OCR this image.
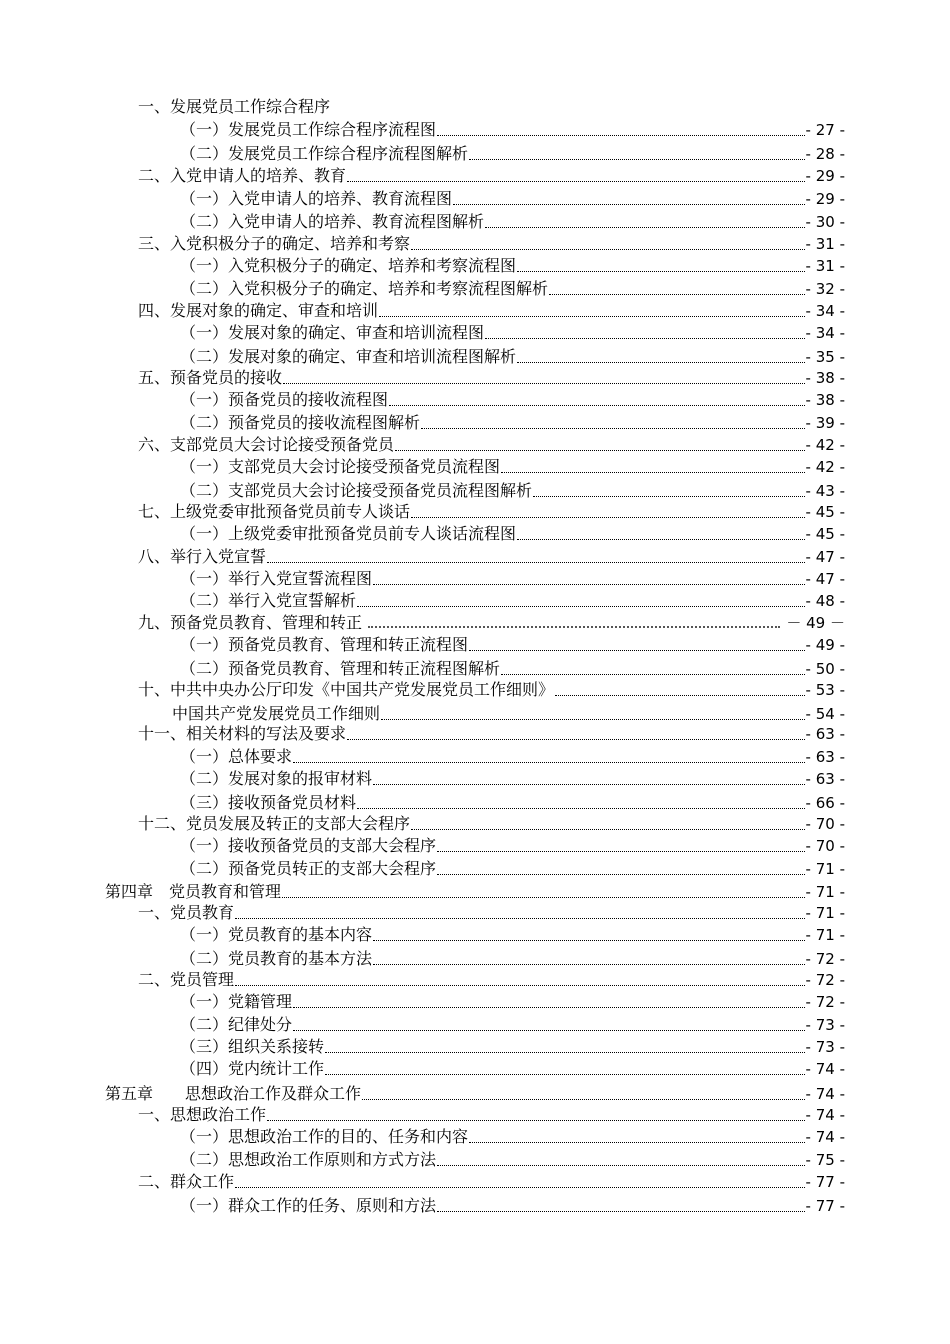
一、发展党员工作综合程序
（一）发展党员工作综合程序流程图	- 27 -
（二）发展党员工作综合程序流程图解析	- 28 -
二、入党申请人的培养、教育	- 29 -
（一）入党申请人的培养、教育流程图	- 29 -
（二）入党申请人的培养、教育流程图解析	- 30 -
三、入党积极分子的确定、培养和考察	- 31 -
（一）入党积极分子的确定、培养和考察流程图	- 31 -
（二）入党积极分子的确定、培养和考察流程图解析	- 32 -
四、发展对象的确定、审查和培训	- 34 -
（一）发展对象的确定、审查和培训流程图	- 34 -
（二）发展对象的确定、审查和培训流程图解析	- 35 -
五、预备党员的接收	- 38 -
（一）预备党员的接收流程图	- 38 -
（二）预备党员的接收流程图解析	- 39 -
六、支部党员大会讨论接受预备党员	- 42 -
（一）支部党员大会讨论接受预备党员流程图	- 42 -
（二）支部党员大会讨论接受预备党员流程图解析	- 43 -
七、上级党委审批预备党员前专人谈话	- 45 -
（一）上级党委审批预备党员前专人谈话流程图	- 45 -
八、举行入党宣誓	- 47 -
（一）举行入党宣誓流程图	- 47 -
（二）举行入党宣誓解析	- 48 -
九、预备党员教育、管理和转正	－ 49 －
（一）预备党员教育、管理和转正流程图	- 49 -
（二）预备党员教育、管理和转正流程图解析	- 50 -
十、中共中央办公厅印发《中国共产党发展党员工作细则》	- 53 -
中国共产党发展党员工作细则	- 54 -
十一、相关材料的写法及要求	- 63 -
（一）总体要求	- 63 -
（二）发展对象的报审材料	- 63 -
（三）接收预备党员材料	- 66 -
十二、党员发展及转正的支部大会程序	- 70 -
（一）接收预备党员的支部大会程序	- 70 -
（二）预备党员转正的支部大会程序	- 71 -
第四章　党员教育和管理	- 71 -
一、党员教育	- 71 -
（一）党员教育的基本内容	- 71 -
（二）党员教育的基本方法	- 72 -
二、党员管理	- 72 -
（一）党籍管理	- 72 -
（二）纪律处分	- 73 -
（三）组织关系接转	- 73 -
（四）党内统计工作	- 74 -
第五章　　思想政治工作及群众工作	- 74 -
一、思想政治工作	- 74 -
（一）思想政治工作的目的、任务和内容	- 74 -
（二）思想政治工作原则和方式方法	- 75 -
二、群众工作	- 77 -
（一）群众工作的任务、原则和方法	- 77 -
